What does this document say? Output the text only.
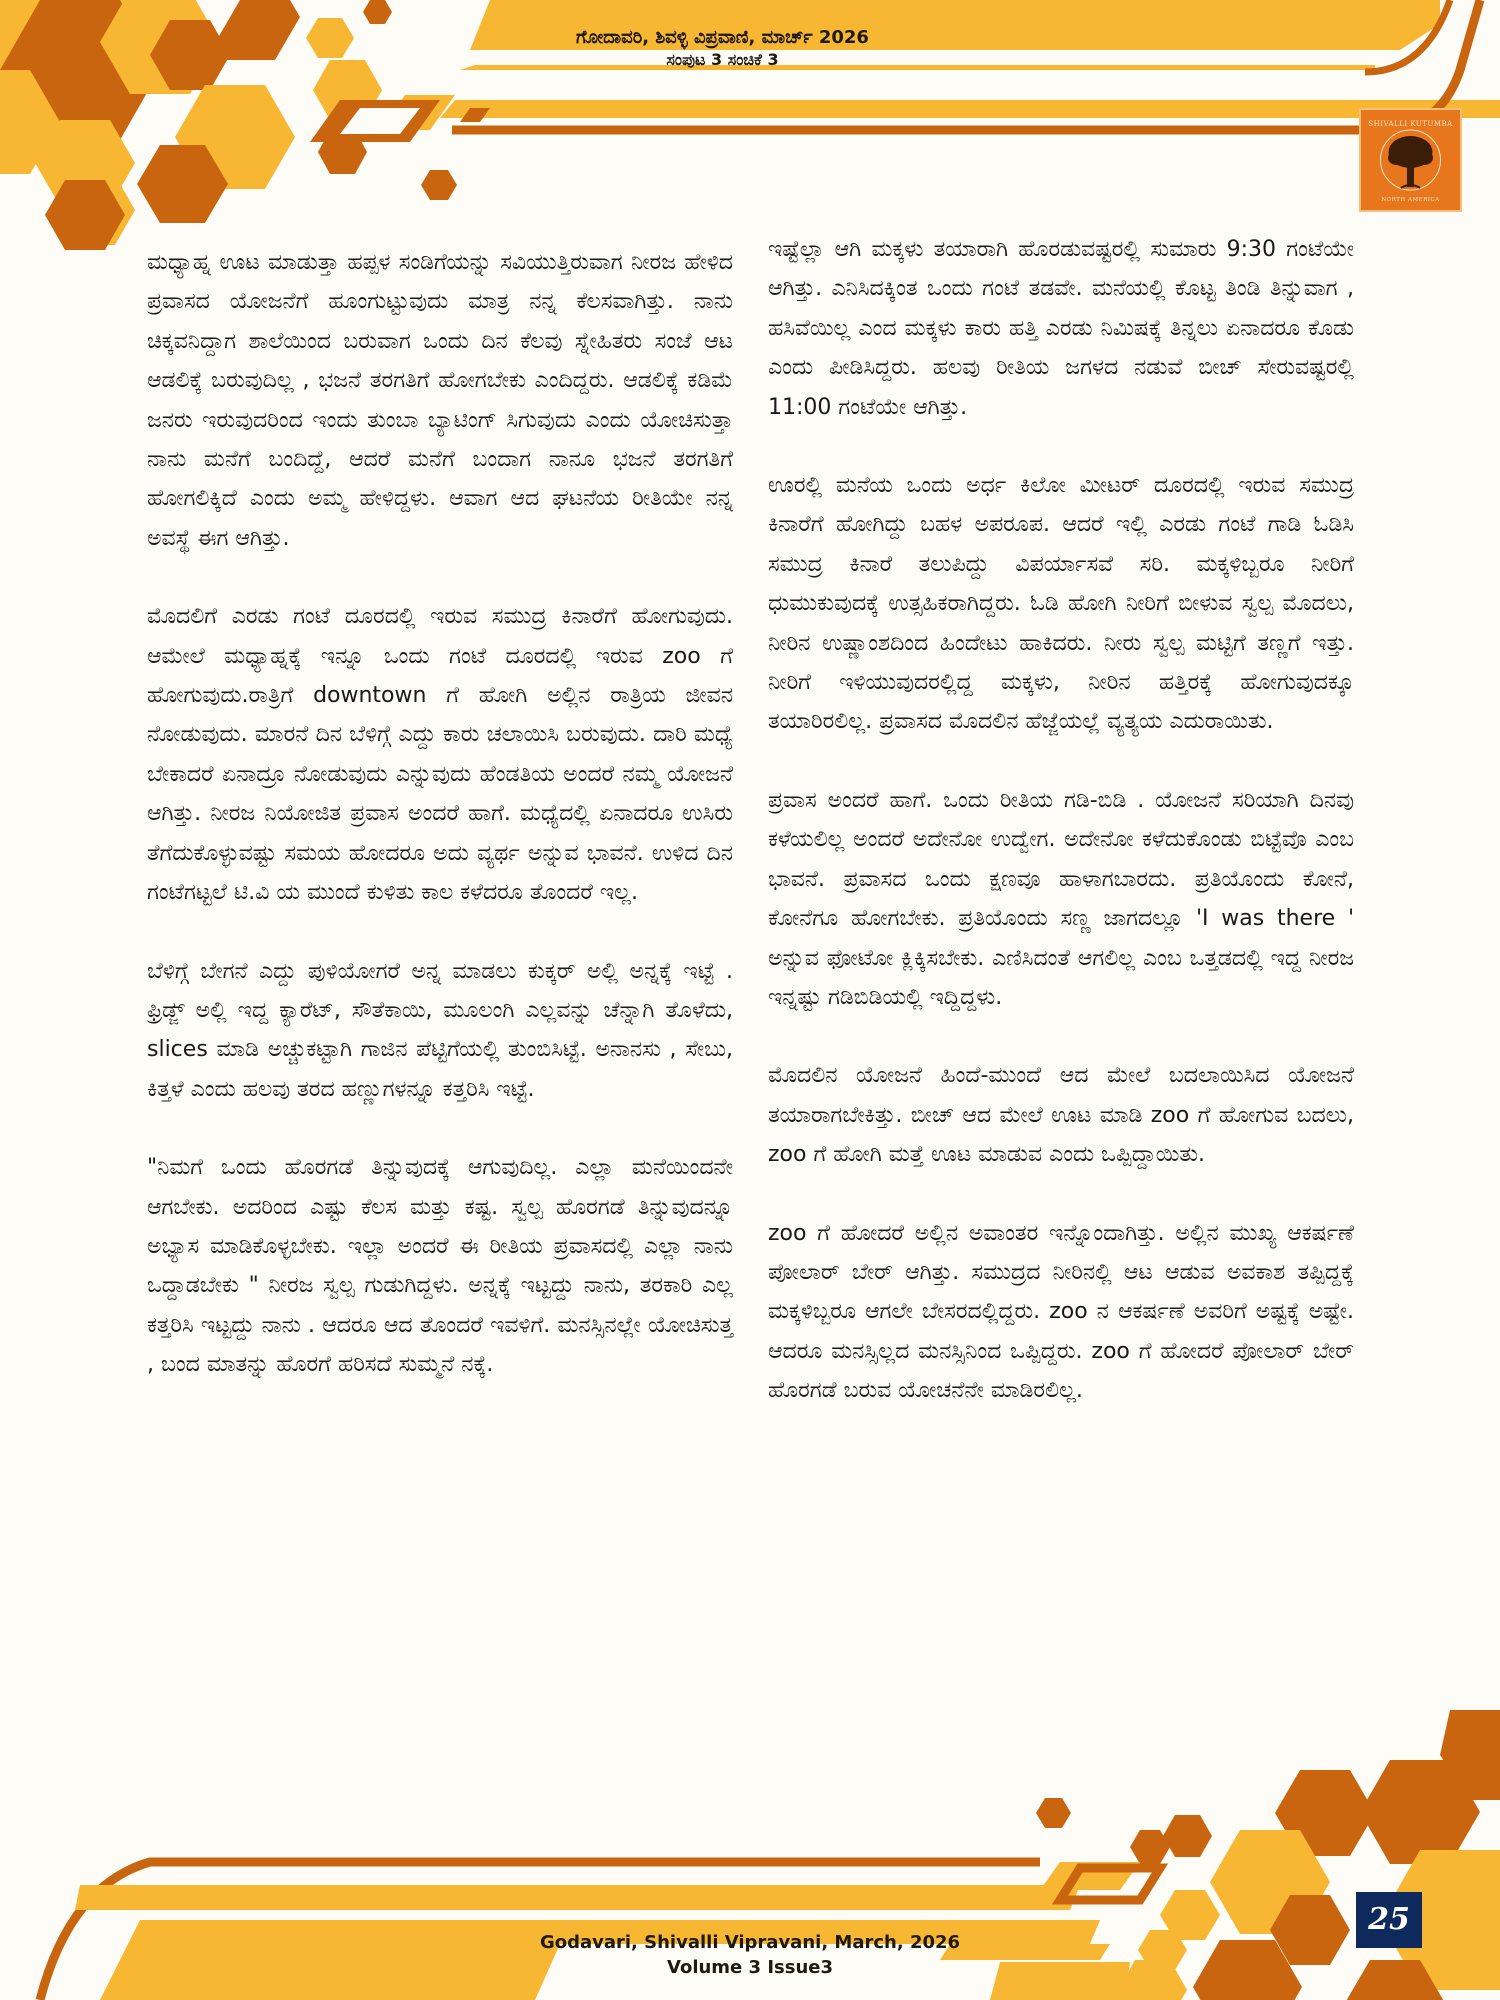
ಗೋದಾವರಿ, ಶಿವಳ್ಳಿ ವಿಪ್ರವಾಣಿ, ಮಾರ್ಚ್ 2026
ಸಂಪುಟ 3 ಸಂಚಿಕೆ 3
SHIVALLI KUTUMBA
NORTH AMERICA

ಮಧ್ಯಾಹ್ನ ಊಟ ಮಾಡುತ್ತಾ ಹಪ್ಪಳ ಸಂಡಿಗೆಯನ್ನು ಸವಿಯುತ್ತಿರುವಾಗ ನೀರಜ ಹೇಳಿದ ಪ್ರವಾಸದ ಯೋಜನೆಗೆ ಹೂಂಗುಟ್ಟುವುದು ಮಾತ್ರ ನನ್ನ ಕೆಲಸವಾಗಿತ್ತು. ನಾನು ಚಿಕ್ಕವನಿದ್ದಾಗ ಶಾಲೆಯಿಂದ ಬರುವಾಗ ಒಂದು ದಿನ ಕೆಲವು ಸ್ನೇಹಿತರು ಸಂಜೆ ಆಟ ಆಡಲಿಕ್ಕೆ ಬರುವುದಿಲ್ಲ , ಭಜನೆ ತರಗತಿಗೆ ಹೋಗಬೇಕು ಎಂದಿದ್ದರು. ಆಡಲಿಕ್ಕೆ ಕಡಿಮೆ ಜನರು ಇರುವುದರಿಂದ ಇಂದು ತುಂಬಾ ಬ್ಯಾಟಿಂಗ್ ಸಿಗುವುದು ಎಂದು ಯೋಚಿಸುತ್ತಾ ನಾನು ಮನೆಗೆ ಬಂದಿದ್ದೆ, ಆದರೆ ಮನೆಗೆ ಬಂದಾಗ ನಾನೂ ಭಜನೆ ತರಗತಿಗೆ ಹೋಗಲಿಕ್ಕಿದೆ ಎಂದು ಅಮ್ಮ ಹೇಳಿದ್ದಳು. ಆವಾಗ ಆದ ಘಟನೆಯ ರೀತಿಯೇ ನನ್ನ ಅವಸ್ಥೆ ಈಗ ಆಗಿತ್ತು.

ಮೊದಲಿಗೆ ಎರಡು ಗಂಟೆ ದೂರದಲ್ಲಿ ಇರುವ ಸಮುದ್ರ ಕಿನಾರೆಗೆ ಹೋಗುವುದು. ಆಮೇಲೆ ಮಧ್ಯಾಹ್ನಕ್ಕೆ ಇನ್ನೂ ಒಂದು ಗಂಟೆ ದೂರದಲ್ಲಿ ಇರುವ zoo ಗೆ ಹೋಗುವುದು.ರಾತ್ರಿಗೆ downtown ಗೆ ಹೋಗಿ ಅಲ್ಲಿನ ರಾತ್ರಿಯ ಜೀವನ ನೋಡುವುದು. ಮಾರನೆ ದಿನ ಬೆಳಿಗ್ಗೆ ಎದ್ದು ಕಾರು ಚಲಾಯಿಸಿ ಬರುವುದು. ದಾರಿ ಮಧ್ಯೆ ಬೇಕಾದರೆ ಏನಾದ್ರೂ ನೋಡುವುದು ಎನ್ನುವುದು ಹೆಂಡತಿಯ ಅಂದರೆ ನಮ್ಮ ಯೋಜನೆ ಆಗಿತ್ತು. ನೀರಜ ನಿಯೋಜಿತ ಪ್ರವಾಸ ಅಂದರೆ ಹಾಗೆ. ಮಧ್ಯೆದಲ್ಲಿ ಏನಾದರೂ ಉಸಿರು ತೆಗೆದುಕೊಳ್ಳುವಷ್ಟು ಸಮಯ ಹೋದರೂ ಅದು ವ್ಯರ್ಥ ಅನ್ನುವ ಭಾವನೆ. ಉಳಿದ ದಿನ ಗಂಟೆಗಟ್ಟಲೆ ಟಿ.ವಿ ಯ ಮುಂದೆ ಕುಳಿತು ಕಾಲ ಕಳೆದರೂ ತೊಂದರೆ ಇಲ್ಲ.

ಬೆಳಿಗ್ಗೆ ಬೇಗನೆ ಎದ್ದು ಪುಳಿಯೋಗರೆ ಅನ್ನ ಮಾಡಲು ಕುಕ್ಕರ್ ಅಲ್ಲಿ ಅನ್ನಕ್ಕೆ ಇಟ್ಟೆ . ಫ್ರಿಡ್ಜ್ ಅಲ್ಲಿ ಇದ್ದ ಕ್ಯಾರೆಟ್, ಸೌತೆಕಾಯಿ, ಮೂಲಂಗಿ ಎಲ್ಲವನ್ನು ಚೆನ್ನಾಗಿ ತೊಳೆದು, slices ಮಾಡಿ ಅಚ್ಚುಕಟ್ಟಾಗಿ ಗಾಜಿನ ಪೆಟ್ಟಿಗೆಯಲ್ಲಿ ತುಂಬಿಸಿಟ್ಟೆ. ಅನಾನಸು , ಸೇಬು, ಕಿತ್ತಳೆ ಎಂದು ಹಲವು ತರದ ಹಣ್ಣುಗಳನ್ನೂ ಕತ್ತರಿಸಿ ಇಟ್ಟೆ.

"ನಿಮಗೆ ಒಂದು ಹೊರಗಡೆ ತಿನ್ನುವುದಕ್ಕೆ ಆಗುವುದಿಲ್ಲ. ಎಲ್ಲಾ ಮನೆಯಿಂದನೇ ಆಗಬೇಕು. ಅದರಿಂದ ಎಷ್ಟು ಕೆಲಸ ಮತ್ತು ಕಷ್ಟ. ಸ್ವಲ್ಪ ಹೊರಗಡೆ ತಿನ್ನುವುದನ್ನೂ ಅಭ್ಯಾಸ ಮಾಡಿಕೊಳ್ಳಬೇಕು. ಇಲ್ಲಾ ಅಂದರೆ ಈ ರೀತಿಯ ಪ್ರವಾಸದಲ್ಲಿ ಎಲ್ಲಾ ನಾನು ಒದ್ದಾಡಬೇಕು " ನೀರಜ ಸ್ವಲ್ಪ ಗುಡುಗಿದ್ದಳು. ಅನ್ನಕ್ಕೆ ಇಟ್ಟದ್ದು ನಾನು, ತರಕಾರಿ ಎಲ್ಲ ಕತ್ತರಿಸಿ ಇಟ್ಟದ್ದು ನಾನು . ಆದರೂ ಆದ ತೊಂದರೆ ಇವಳಿಗೆ. ಮನಸ್ಸಿನಲ್ಲೇ ಯೋಚಿಸುತ್ತ , ಬಂದ ಮಾತನ್ನು ಹೊರಗೆ ಹರಿಸದೆ ಸುಮ್ಮನೆ ನಕ್ಕೆ.

ಇಷ್ಟೆಲ್ಲಾ ಆಗಿ ಮಕ್ಕಳು ತಯಾರಾಗಿ ಹೊರಡುವಷ್ಟರಲ್ಲಿ ಸುಮಾರು 9:30 ಗಂಟೆಯೇ ಆಗಿತ್ತು. ಎನಿಸಿದಕ್ಕಿಂತ ಒಂದು ಗಂಟೆ ತಡವೇ. ಮನೆಯಲ್ಲಿ ಕೊಟ್ಟ ತಿಂಡಿ ತಿನ್ನುವಾಗ , ಹಸಿವೆಯಿಲ್ಲ ಎಂದ ಮಕ್ಕಳು ಕಾರು ಹತ್ತಿ ಎರಡು ನಿಮಿಷಕ್ಕೆ ತಿನ್ನಲು ಏನಾದರೂ ಕೊಡು ಎಂದು ಪೀಡಿಸಿದ್ದರು. ಹಲವು ರೀತಿಯ ಜಗಳದ ನಡುವೆ ಬೀಚ್ ಸೇರುವಷ್ಟರಲ್ಲಿ 11:00 ಗಂಟೆಯೇ ಆಗಿತ್ತು.

ಊರಲ್ಲಿ ಮನೆಯ ಒಂದು ಅರ್ಧ ಕಿಲೋ ಮೀಟರ್ ದೂರದಲ್ಲಿ ಇರುವ ಸಮುದ್ರ ಕಿನಾರೆಗೆ ಹೋಗಿದ್ದು ಬಹಳ ಅಪರೂಪ. ಆದರೆ ಇಲ್ಲಿ ಎರಡು ಗಂಟೆ ಗಾಡಿ ಓಡಿಸಿ ಸಮುದ್ರ ಕಿನಾರೆ ತಲುಪಿದ್ದು ವಿಪರ್ಯಾಸವೆ ಸರಿ. ಮಕ್ಕಳಿಬ್ಬರೂ ನೀರಿಗೆ ಧುಮುಕುವುದಕ್ಕೆ ಉತ್ಸಹಿಕರಾಗಿದ್ದರು. ಓಡಿ ಹೋಗಿ ನೀರಿಗೆ ಬೀಳುವ ಸ್ವಲ್ಪ ಮೊದಲು, ನೀರಿನ ಉಷ್ಣಾಂಶದಿಂದ ಹಿಂದೇಟು ಹಾಕಿದರು. ನೀರು ಸ್ವಲ್ಪ ಮಟ್ಟಿಗೆ ತಣ್ಣಗೆ ಇತ್ತು. ನೀರಿಗೆ ಇಳಿಯುವುದರಲ್ಲಿದ್ದ ಮಕ್ಕಳು, ನೀರಿನ ಹತ್ತಿರಕ್ಕೆ ಹೋಗುವುದಕ್ಕೂ ತಯಾರಿರಲಿಲ್ಲ. ಪ್ರವಾಸದ ಮೊದಲಿನ ಹೆಜ್ಜೆಯಲ್ಲೆ ವ್ಯತ್ಯಯ ಎದುರಾಯಿತು.

ಪ್ರವಾಸ ಅಂದರೆ ಹಾಗೆ. ಒಂದು ರೀತಿಯ ಗಡಿ-ಬಿಡಿ . ಯೋಜನೆ ಸರಿಯಾಗಿ ದಿನವು ಕಳೆಯಲಿಲ್ಲ ಅಂದರೆ ಅದೇನೋ ಉದ್ವೇಗ. ಅದೇನೋ ಕಳೆದುಕೊಂಡು ಬಿಟ್ಟೆವೊ ಎಂಬ ಭಾವನೆ. ಪ್ರವಾಸದ ಒಂದು ಕ್ಷಣವೂ ಹಾಳಾಗಬಾರದು. ಪ್ರತಿಯೊಂದು ಕೋನೆ, ಕೋನೆಗೂ ಹೋಗಬೇಕು. ಪ್ರತಿಯೊಂದು ಸಣ್ಣ ಜಾಗದಲ್ಲೂ 'I was there ' ಅನ್ನುವ ಫೋಟೋ ಕ್ಲಿಕ್ಕಿಸಬೇಕು. ಎಣಿಸಿದಂತೆ ಆಗಲಿಲ್ಲ ಎಂಬ ಒತ್ತಡದಲ್ಲಿ ಇದ್ದ ನೀರಜ ಇನ್ನಷ್ಟು ಗಡಿಬಿಡಿಯಲ್ಲಿ ಇದ್ದಿದ್ದಳು.

ಮೊದಲಿನ ಯೋಜನೆ ಹಿಂದೆ-ಮುಂದೆ ಆದ ಮೇಲೆ ಬದಲಾಯಿಸಿದ ಯೋಜನೆ ತಯಾರಾಗಬೇಕಿತ್ತು. ಬೀಚ್ ಆದ ಮೇಲೆ ಊಟ ಮಾಡಿ zoo ಗೆ ಹೋಗುವ ಬದಲು, zoo ಗೆ ಹೋಗಿ ಮತ್ತೆ ಊಟ ಮಾಡುವ ಎಂದು ಒಪ್ಪಿದ್ದಾಯಿತು.

zoo ಗೆ ಹೋದರೆ ಅಲ್ಲಿನ ಅವಾಂತರ ಇನ್ನೊಂದಾಗಿತ್ತು. ಅಲ್ಲಿನ ಮುಖ್ಯ ಆಕರ್ಷಣೆ ಪೋಲಾರ್ ಬೇರ್ ಆಗಿತ್ತು. ಸಮುದ್ರದ ನೀರಿನಲ್ಲಿ ಆಟ ಆಡುವ ಅವಕಾಶ ತಪ್ಪಿದ್ದಕ್ಕೆ ಮಕ್ಕಳಿಬ್ಬರೂ ಆಗಲೇ ಬೇಸರದಲ್ಲಿದ್ದರು. zoo ನ ಆಕರ್ಷಣೆ ಅವರಿಗೆ ಅಷ್ಟಕ್ಕೆ ಅಷ್ಟೇ. ಆದರೂ ಮನಸ್ಸಿಲ್ಲದ ಮನಸ್ಸಿನಿಂದ ಒಪ್ಪಿದ್ದರು. zoo ಗೆ ಹೋದರೆ ಪೋಲಾರ್ ಬೇರ್ ಹೊರಗಡೆ ಬರುವ ಯೋಚನೆನೇ ಮಾಡಿರಲಿಲ್ಲ.

25
Godavari, Shivalli Vipravani, March, 2026
Volume 3 Issue3
